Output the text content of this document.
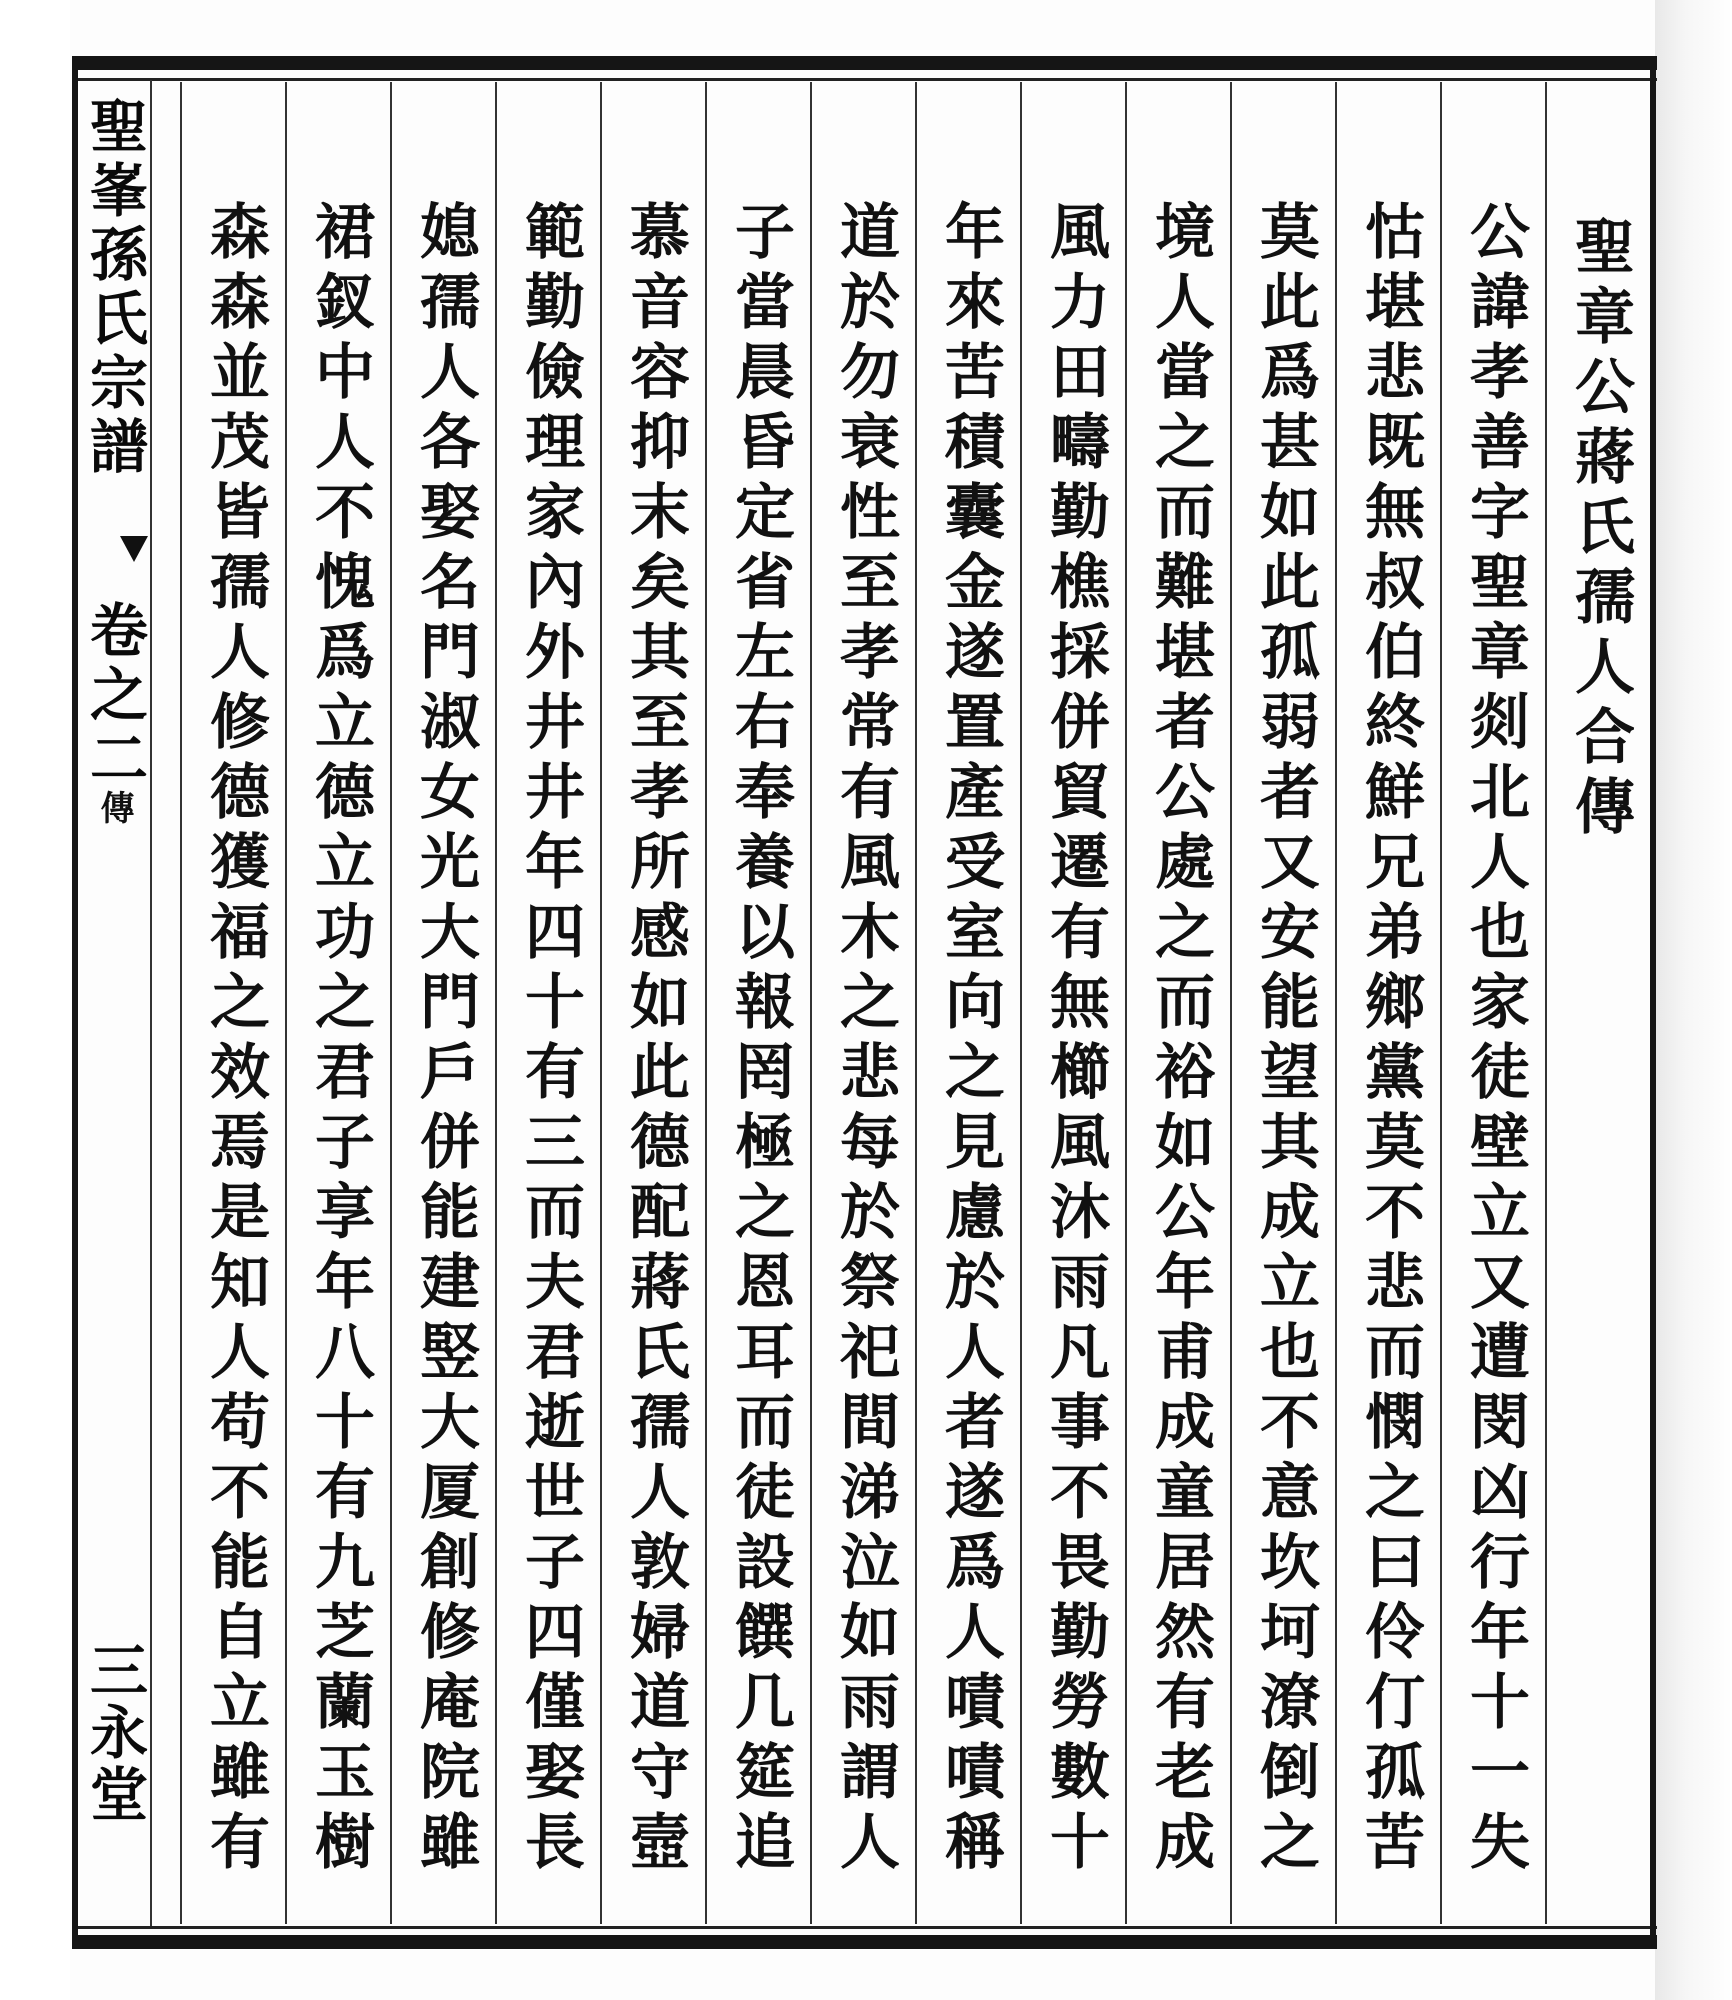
聖峯孫氏宗譜
卷之二
傳
三永堂
聖章公蔣氏孺人合傳
公諱孝善字聖章剡北人也家徒壁立又遭閔凶行年十一失
怙堪悲既無叔伯終鮮兄弟鄉黨莫不悲而憫之曰伶仃孤苦
莫此爲甚如此孤弱者又安能望其成立也不意坎坷潦倒之
境人當之而難堪者公處之而裕如公年甫成童居然有老成
風力田疇勤樵採併貿遷有無櫛風沐雨凡事不畏勤勞數十
年來苦積囊金遂置產受室向之見慮於人者遂爲人嘖嘖稱
道於勿衰性至孝常有風木之悲每於祭祀間涕泣如雨謂人
子當晨昏定省左右奉養以報罔極之恩耳而徒設饌几筵追
慕音容抑末矣其至孝所感如此德配蔣氏孺人敦婦道守壼
範勤儉理家內外井井年四十有三而夫君逝世子四僅娶長
媳孺人各娶名門淑女光大門戶併能建竪大厦創修庵院雖
裙釵中人不愧爲立德立功之君子享年八十有九芝蘭玉樹
森森並茂皆孺人修德獲福之效焉是知人苟不能自立雖有
